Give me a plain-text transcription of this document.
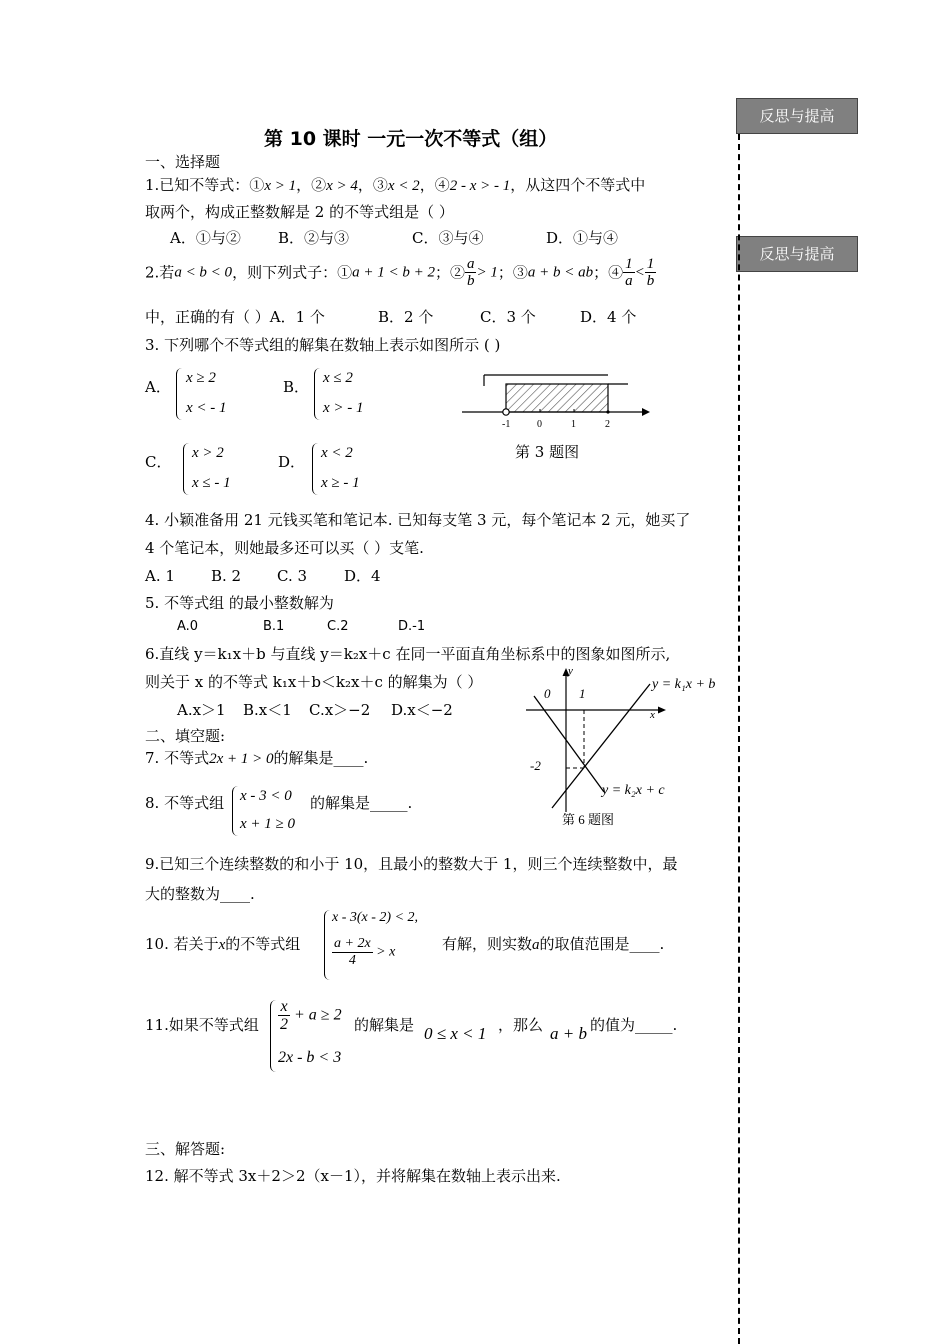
反思与提高
反思与提高
第 10 课时 一元一次不等式（组）
一、选择题
1.已知不等式：①x > 1，②x > 4，③x < 2，④2 - x > - 1，从这四个不等式中
取两个，构成正整数解是 2 的不等式组是（ ）
A．①与② B．②与③	C．③与④	D．①与④
2.若a < b < 0，则下列式子：①a + 1 < b + 2；② $\frac{a}{b} > 1$；③a + b < ab；④ $\frac{1}{a} < \frac{1}{b}$
中，正确的有（ ）A．1 个	B．2 个	C．3 个	D．4 个
3. 下列哪个不等式组的解集在数轴上表示如图所示 ( )
A． x ≥ 2
x < - 1
B． x ≤ 2
x > - 1
C． x > 2
x ≤ - 1
D． x < 2
x ≥ - 1
-1	0	1	2
第 3 题图
4. 小颖准备用 21 元钱买笔和笔记本. 已知每支笔 3 元，每个笔记本 2 元，她买了
4 个笔记本，则她最多还可以买（ ）支笔.
A. 1 B. 2 C. 3 D．4
5. 不等式组 的最小整数解为
A.0	B.1	C.2	D.-1
6.直线 y＝k₁x＋b 与直线 y＝k₂x＋c 在同一平面直角坐标系中的图象如图所示,
则关于 x 的不等式 k₁x＋b＜k₂x＋c 的解集为（ ）
A.x＞1 B.x＜1 C.x＞−2 D.x＜−2
y
x
0 1
-2
y = k₁x + b
y = k₂x + c
第 6 题图
二、填空题:
7. 不等式2x + 1 > 0的解集是____.
8. 不等式组 x - 3 < 0
x + 1 ≥ 0
的解集是_____.
9.已知三个连续整数的和小于 10，且最小的整数大于 1，则三个连续整数中，最
大的整数为____.
10. 若关于x的不等式组
x - 3(x - 2) < 2,
$\frac{a + 2x}{4} > x$	有解，则实数a的取值范围是____.
11.如果不等式组 $\frac{x}{2} + a \ge 2$
2x - b < 3
的解集是 0 ≤ x < 1 ，那么 a + b 的值为_____.
三、解答题:
12. 解不等式 3x＋2＞2（x－1），并将解集在数轴上表示出来.
